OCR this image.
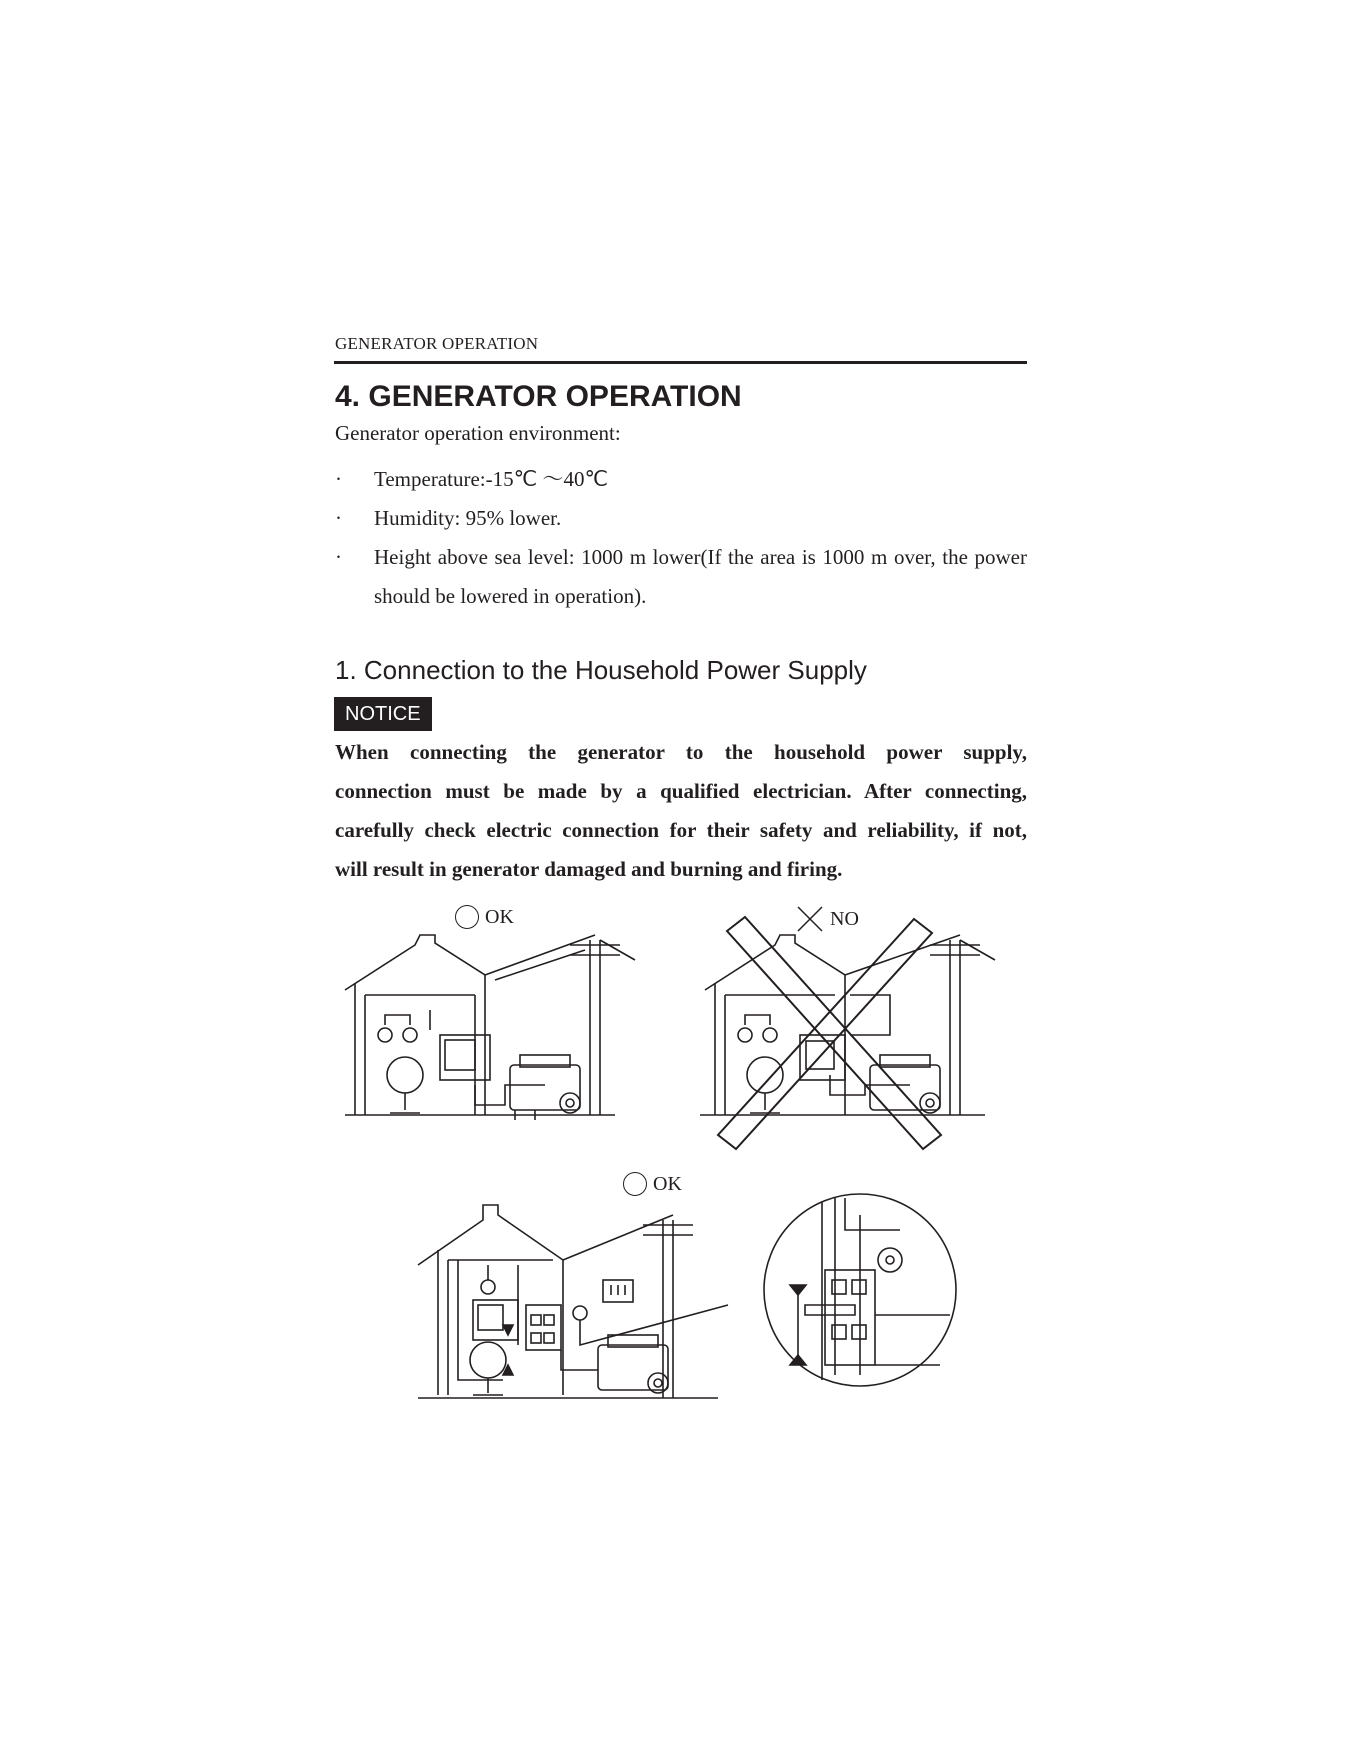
GENERATOR OPERATION
4. GENERATOR OPERATION
Generator operation environment:
·	Temperature:-15℃ ～40℃
·	Humidity: 95% lower.
·	Height above sea level: 1000 m lower(If the area is 1000 m over, the power should be lowered in operation).
1. Connection to the Household Power Supply
NOTICE
When connecting the generator to the household power supply,
connection must be made by a qualified electrician. After connecting,
carefully check electric connection for their safety and reliability, if not,
will result in generator damaged and burning and firing.
OK	NO
OK
